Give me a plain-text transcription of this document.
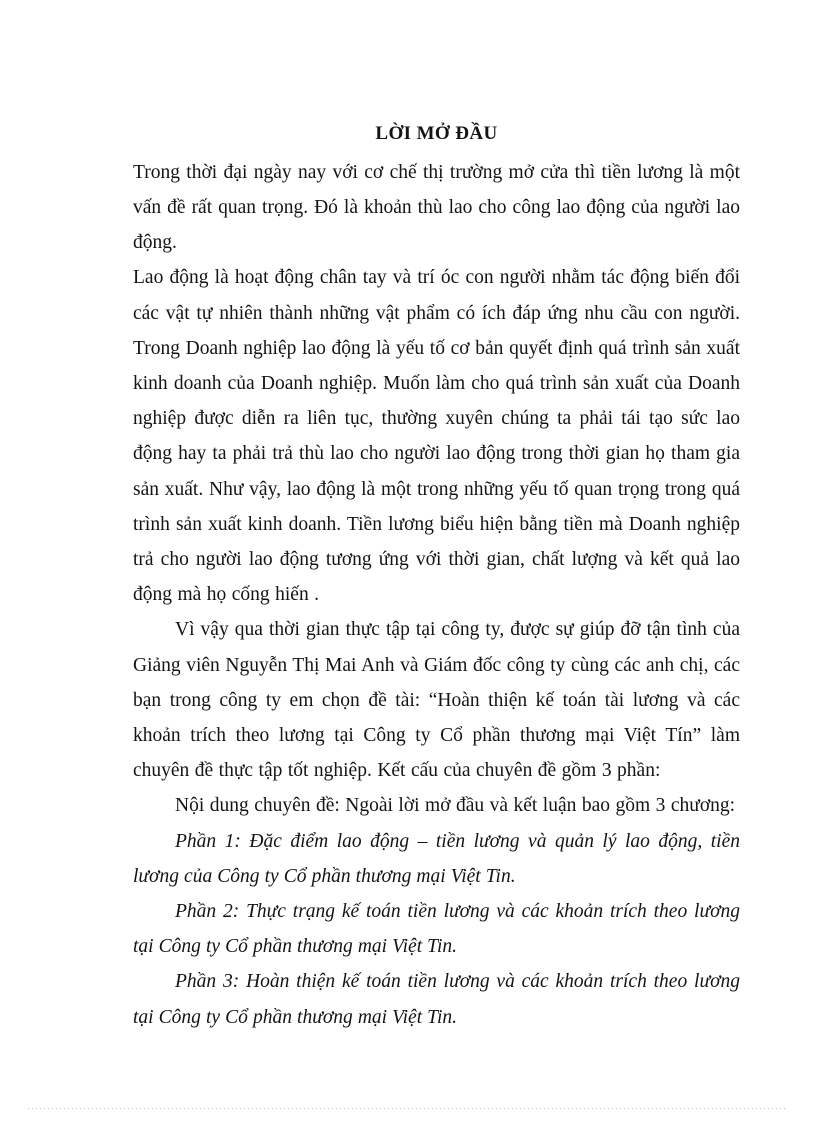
LỜI MỞ ĐẦU

Trong thời đại ngày nay với cơ chế thị trường mở cửa thì tiền lương là một vấn đề rất quan trọng. Đó là khoản thù lao cho công lao động của người lao động.

Lao động là hoạt động chân tay và trí óc con người nhằm tác động biến đổi các vật tự nhiên thành những vật phẩm có ích đáp ứng nhu cầu con người. Trong Doanh nghiệp lao động là yếu tố cơ bản quyết định quá trình sản xuất kinh doanh của Doanh nghiệp. Muốn làm cho quá trình sản xuất của Doanh nghiệp được diễn ra liên tục, thường xuyên chúng ta phải tái tạo sức lao động hay ta phải trả thù lao cho người lao động trong thời gian họ tham gia sản xuất. Như vậy, lao động là một trong những yếu tố quan trọng trong quá trình sản xuất kinh doanh. Tiền lương biểu hiện bằng tiền mà Doanh nghiệp trả cho người lao động tương ứng với thời gian, chất lượng và kết quả lao động mà họ cống hiến .

Vì vậy qua thời gian thực tập tại công ty, được sự giúp đỡ tận tình của Giảng viên Nguyễn Thị Mai Anh và Giám đốc công ty cùng các anh chị, các bạn trong công ty em chọn đề tài: “Hoàn thiện kế toán tài lương và các khoản trích theo lương tại Công ty Cổ phần thương mại Việt Tín” làm chuyên đề thực tập tốt nghiệp. Kết cấu của chuyên đề gồm 3 phần:

Nội dung chuyên đề: Ngoài lời mở đầu và kết luận bao gồm 3 chương:

Phần 1: Đặc điểm lao động – tiền lương và quản lý lao động, tiền lương của Công ty Cổ phần thương mại Việt Tin.

Phần 2: Thực trạng kế toán tiền lương và các khoản trích theo lương tại Công ty Cổ phần thương mại Việt Tin.

Phần 3: Hoàn thiện kế toán tiền lương và các khoản trích theo lương tại Công ty Cổ phần thương mại Việt Tin.
